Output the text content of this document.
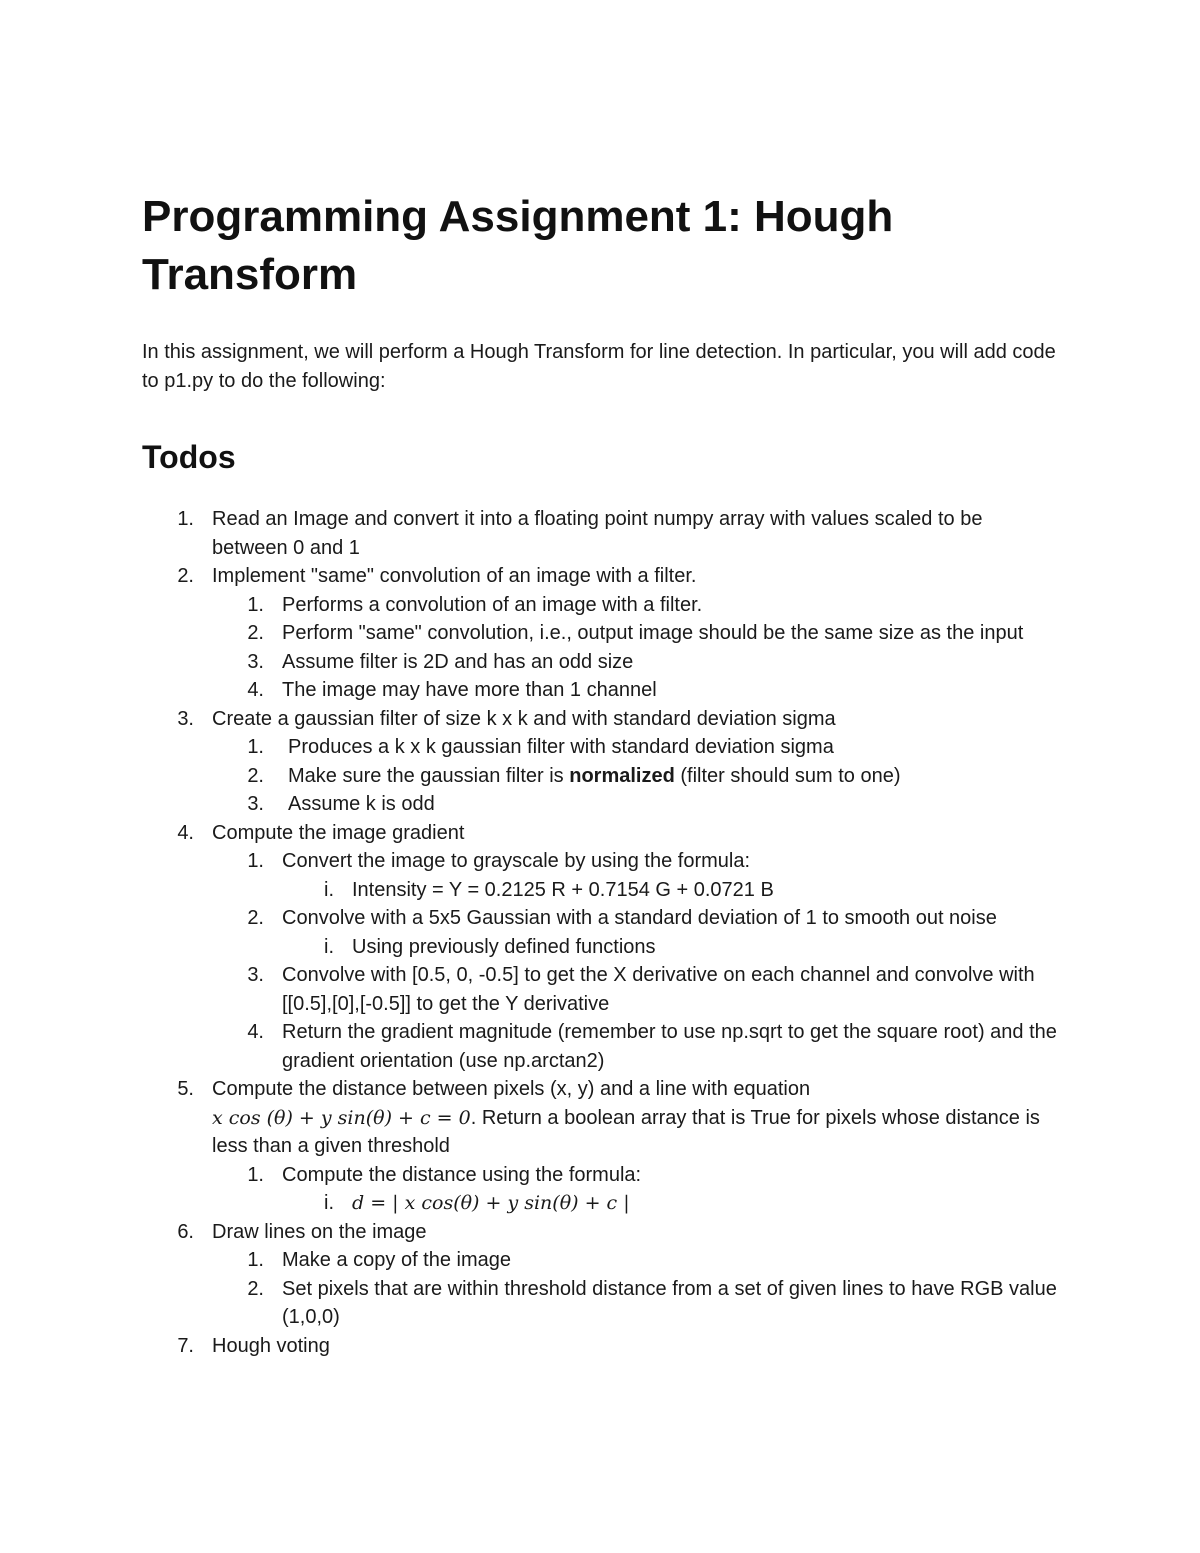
Programming Assignment 1: Hough Transform

In this assignment, we will perform a Hough Transform for line detection. In particular, you will add code to p1.py to do the following:

Todos
1. Read an Image and convert it into a floating point numpy array with values scaled to be between 0 and 1
2. Implement "same" convolution of an image with a filter.
1. Performs a convolution of an image with a filter.
2. Perform "same" convolution, i.e., output image should be the same size as the input
3. Assume filter is 2D and has an odd size
4. The image may have more than 1 channel
3. Create a gaussian filter of size k x k and with standard deviation sigma
1.	Produces a k x k gaussian filter with standard deviation sigma
2.	Make sure the gaussian filter is normalized (filter should sum to one)
3.	Assume k is odd
4. Compute the image gradient
1. Convert the image to grayscale by using the formula:
i. Intensity = Y = 0.2125 R + 0.7154 G + 0.0721 B
2. Convolve with a 5x5 Gaussian with a standard deviation of 1 to smooth out noise
i. Using previously defined functions
3. Convolve with [0.5, 0, -0.5] to get the X derivative on each channel and convolve with [[0.5],[0],[-0.5]] to get the Y derivative
4. Return the gradient magnitude (remember to use np.sqrt to get the square root) and the gradient orientation (use np.arctan2)
5. Compute the distance between pixels (x, y) and a line with equation
x cos (θ) + y sin(θ) + c = 0. Return a boolean array that is True for pixels whose distance is less than a given threshold
1. Compute the distance using the formula:
i. d = | x cos(θ) + y sin(θ) + c |
6. Draw lines on the image
1. Make a copy of the image
2. Set pixels that are within threshold distance from a set of given lines to have RGB value (1,0,0)
7. Hough voting
